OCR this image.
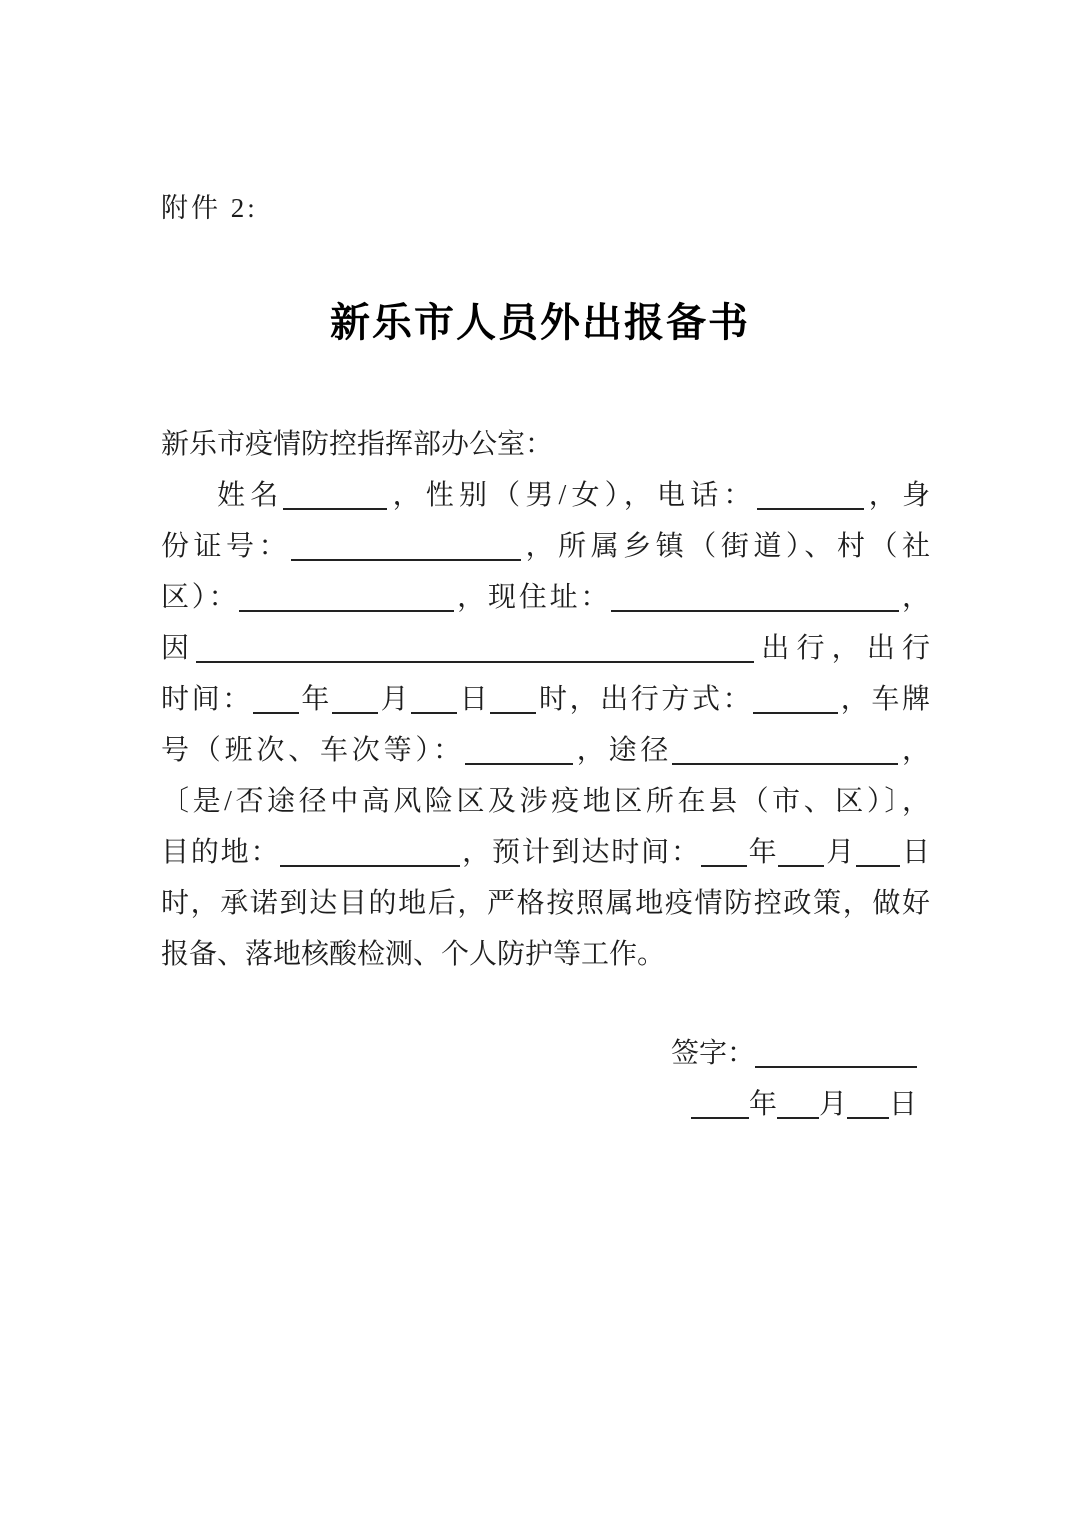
附件 2:
新乐市人员外出报备书
新乐市疫情防控指挥部办公室：
姓名	，性别（男/女），电话：	，身
份证号：	，所属乡镇（街道）、村（社
区）：	，现住址：	，
因	出行，出行
时间： 年 月 日 时，出行方式：	，车牌
号（班次、车次等）：	，途径	，
〔是/否途径中高风险区及涉疫地区所在县（市、区）〕，
目的地：	，预计到达时间： 年 月 日
时，承诺到达目的地后，严格按照属地疫情防控政策，做好
报备、落地核酸检测、个人防护等工作。
签字：
年 月 日
